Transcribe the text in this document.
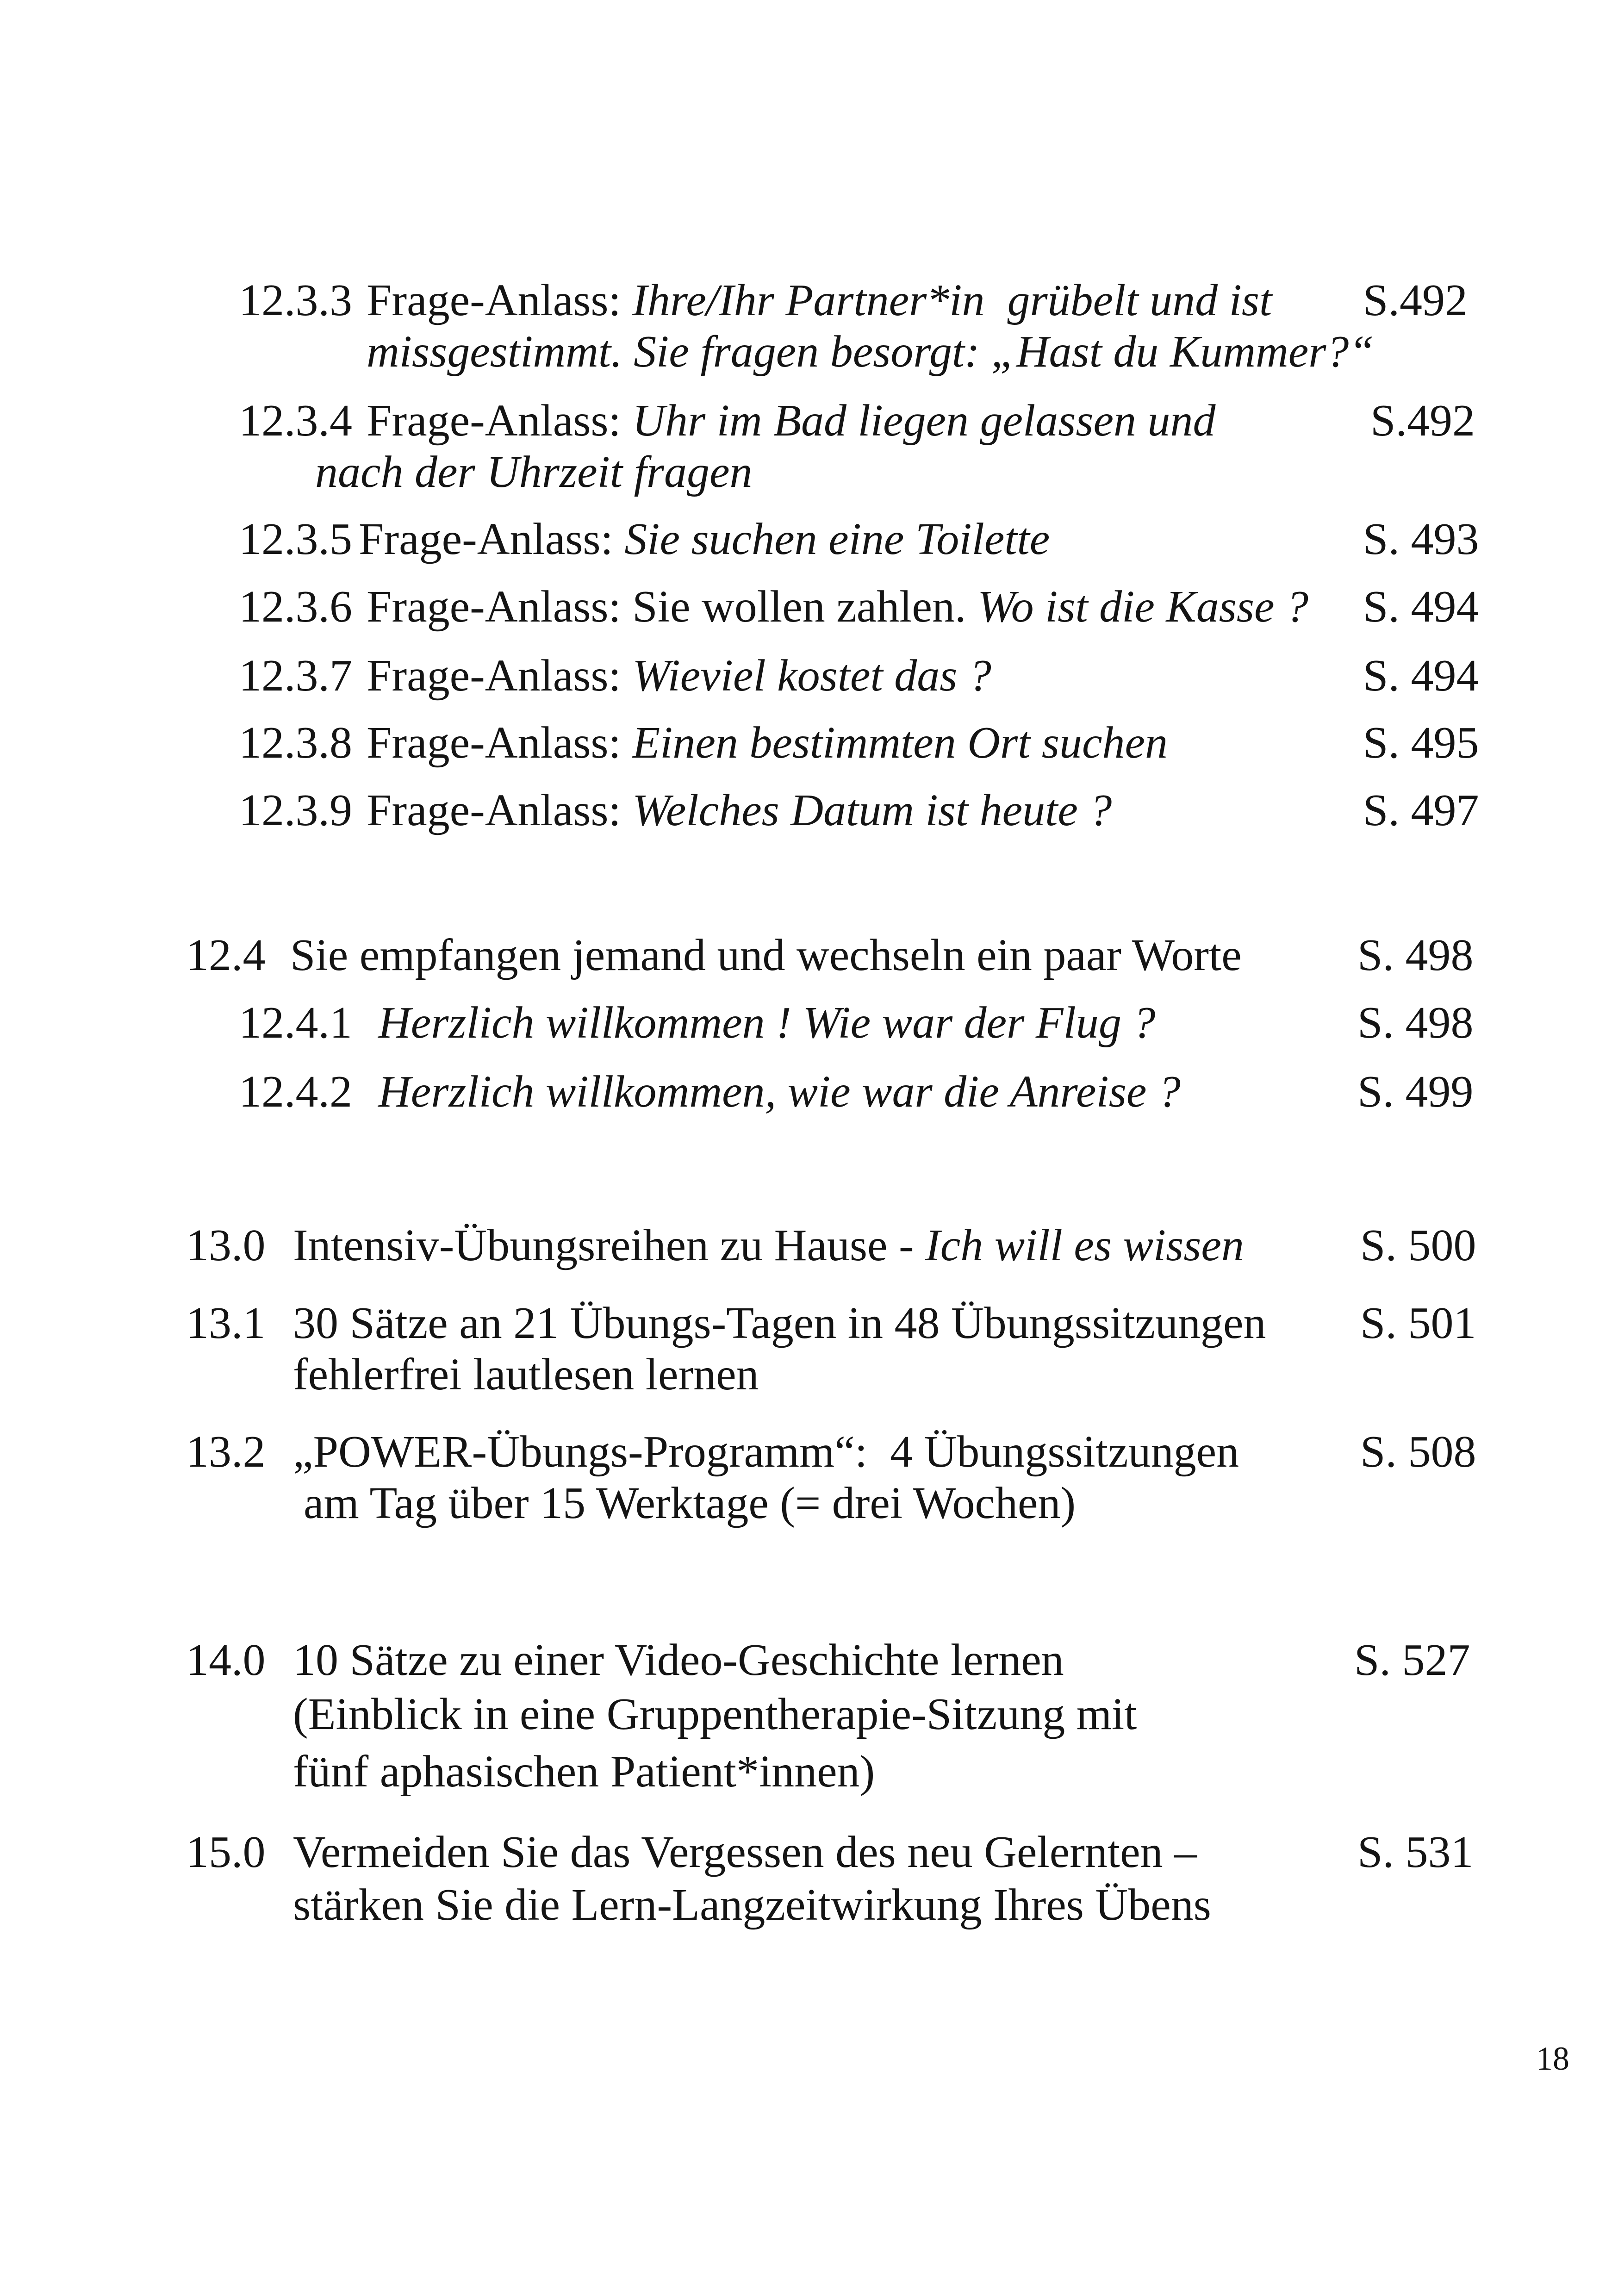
12.3.3 Frage-Anlass: Ihre/Ihr Partner*in  grübelt und ist S.492
missgestimmt. Sie fragen besorgt: „Hast du Kummer?“
12.3.4 Frage-Anlass: Uhr im Bad liegen gelassen und	S.492
nach der Uhrzeit fragen
12.3.5 Frage-Anlass: Sie suchen eine Toilette	S. 493
12.3.6 Frage-Anlass: Sie wollen zahlen. Wo ist die Kasse ? S. 494
12.3.7 Frage-Anlass: Wieviel kostet das ?	S. 494
12.3.8 Frage-Anlass: Einen bestimmten Ort suchen	S. 495
12.3.9 Frage-Anlass: Welches Datum ist heute ?	S. 497
12.4 Sie empfangen jemand und wechseln ein paar Worte	S. 498
12.4.1 Herzlich willkommen ! Wie war der Flug ?	S. 498
12.4.2 Herzlich willkommen, wie war die Anreise ?	S. 499
13.0 Intensiv-Übungsreihen zu Hause - Ich will es wissen	S. 500
13.1 30 Sätze an 21 Übungs-Tagen in 48 Übungssitzungen S. 501
fehlerfrei lautlesen lernen
13.2 „POWER-Übungs-Programm“:  4 Übungssitzungen	S. 508
am Tag über 15 Werktage (= drei Wochen)
14.0 10 Sätze zu einer Video-Geschichte lernen	S. 527
(Einblick in eine Gruppentherapie-Sitzung mit
fünf aphasischen Patient*innen)
15.0 Vermeiden Sie das Vergessen des neu Gelernten –	S. 531
stärken Sie die Lern-Langzeitwirkung Ihres Übens
18
